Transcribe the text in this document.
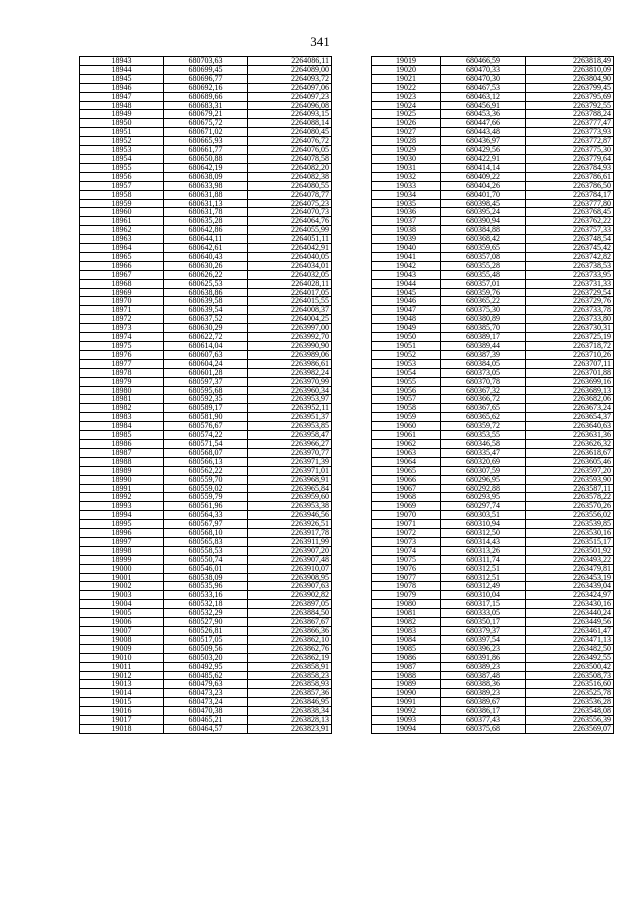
341
18943	680703,63	2264086,11
18944	680699,45	2264089,00
18945	680696,77	2264093,72
18946	680692,16	2264097,06
18947	680689,66	2264097,23
18948	680683,31	2264096,08
18949	680679,21	2264093,15
18950	680675,72	2264088,14
18951	680671,02	2264080,45
18952	680665,93	2264076,72
18953	680661,77	2264076,05
18954	680650,88	2264078,58
18955	680642,19	2264082,20
18956	680638,09	2264082,38
18957	680633,98	2264080,55
18958	680631,88	2264078,77
18959	680631,13	2264075,23
18960	680631,78	2264070,73
18961	680635,28	2264064,76
18962	680642,86	2264055,99
18963	680644,11	2264051,11
18964	680642,61	2264042,91
18965	680640,43	2264040,05
18966	680630,26	2264034,01
18967	680626,22	2264032,05
18968	680625,53	2264028,11
18969	680638,86	2264017,05
18970	680639,58	2264015,55
18971	680639,54	2264008,37
18972	680637,52	2264004,25
18973	680630,29	2263997,00
18974	680622,72	2263992,70
18975	680614,04	2263990,90
18976	680607,63	2263989,06
18977	680604,24	2263986,61
18978	680601,28	2263982,24
18979	680597,37	2263970,99
18980	680595,68	2263960,34
18981	680592,35	2263953,97
18982	680589,17	2263952,11
18983	680581,90	2263951,37
18984	680576,67	2263953,85
18985	680574,22	2263958,47
18986	680571,54	2263966,27
18987	680568,07	2263970,77
18988	680566,13	2263971,39
18989	680562,22	2263971,01
18990	680559,70	2263968,91
18991	680559,02	2263965,84
18992	680559,79	2263959,60
18993	680561,96	2263953,38
18994	680564,33	2263946,56
18995	680567,97	2263926,51
18996	680568,10	2263917,78
18997	680565,83	2263911,99
18998	680558,53	2263907,20
18999	680550,74	2263907,48
19000	680546,01	2263910,07
19001	680538,09	2263908,95
19002	680535,96	2263907,63
19003	680533,16	2263902,82
19004	680532,18	2263897,05
19005	680532,29	2263884,50
19006	680527,90	2263867,67
19007	680526,81	2263866,36
19008	680517,05	2263862,10
19009	680509,56	2263862,76
19010	680503,20	2263862,19
19011	680492,95	2263858,91
19012	680485,62	2263858,23
19013	680479,63	2263858,93
19014	680473,23	2263857,36
19015	680473,24	2263846,95
19016	680470,38	2263838,34
19017	680465,21	2263828,13
19018	680464,57	2263823,91
19019	680466,59	2263818,49
19020	680470,33	2263810,09
19021	680470,30	2263804,90
19022	680467,53	2263799,45
19023	680463,12	2263795,69
19024	680456,91	2263792,55
19025	680453,36	2263788,24
19026	680447,66	2263777,47
19027	680443,48	2263773,93
19028	680436,97	2263772,87
19029	680429,56	2263775,30
19030	680422,91	2263779,64
19031	680414,14	2263784,93
19032	680409,22	2263786,61
19033	680404,26	2263786,50
19034	680401,70	2263784,17
19035	680398,45	2263777,80
19036	680395,24	2263768,45
19037	680390,94	2263762,22
19038	680384,88	2263757,33
19039	680368,42	2263748,54
19040	680359,65	2263745,42
19041	680357,08	2263742,82
19042	680355,28	2263738,53
19043	680355,48	2263733,95
19044	680357,01	2263731,33
19045	680359,76	2263729,54
19046	680365,22	2263729,76
19047	680375,30	2263733,78
19048	680380,89	2263733,80
19049	680385,70	2263730,31
19050	680389,17	2263725,19
19051	680389,44	2263718,72
19052	680387,39	2263710,26
19053	680384,05	2263707,11
19054	680373,05	2263701,88
19055	680370,78	2263699,16
19056	680367,32	2263689,13
19057	680366,72	2263682,06
19058	680367,65	2263673,24
19059	680365,62	2263654,37
19060	680359,72	2263640,63
19061	680353,55	2263631,36
19062	680346,58	2263626,32
19063	680335,47	2263618,67
19064	680320,69	2263605,46
19065	680307,59	2263597,20
19066	680296,95	2263593,90
19067	680292,88	2263587,11
19068	680293,95	2263578,22
19069	680297,74	2263570,26
19070	680303,51	2263556,02
19071	680310,94	2263539,85
19072	680312,50	2263530,16
19073	680314,43	2263515,17
19074	680313,26	2263501,92
19075	680311,74	2263493,22
19076	680312,51	2263479,81
19077	680312,51	2263453,19
19078	680312,49	2263439,04
19079	680310,04	2263424,97
19080	680317,15	2263430,16
19081	680333,05	2263440,24
19082	680350,17	2263449,56
19083	680379,37	2263461,47
19084	680397,54	2263471,13
19085	680396,23	2263482,50
19086	680391,86	2263492,55
19087	680389,23	2263500,42
19088	680387,48	2263508,73
19089	680388,36	2263516,60
19090	680389,23	2263525,78
19091	680389,67	2263536,28
19092	680386,17	2263548,08
19093	680377,43	2263556,39
19094	680375,68	2263569,07
